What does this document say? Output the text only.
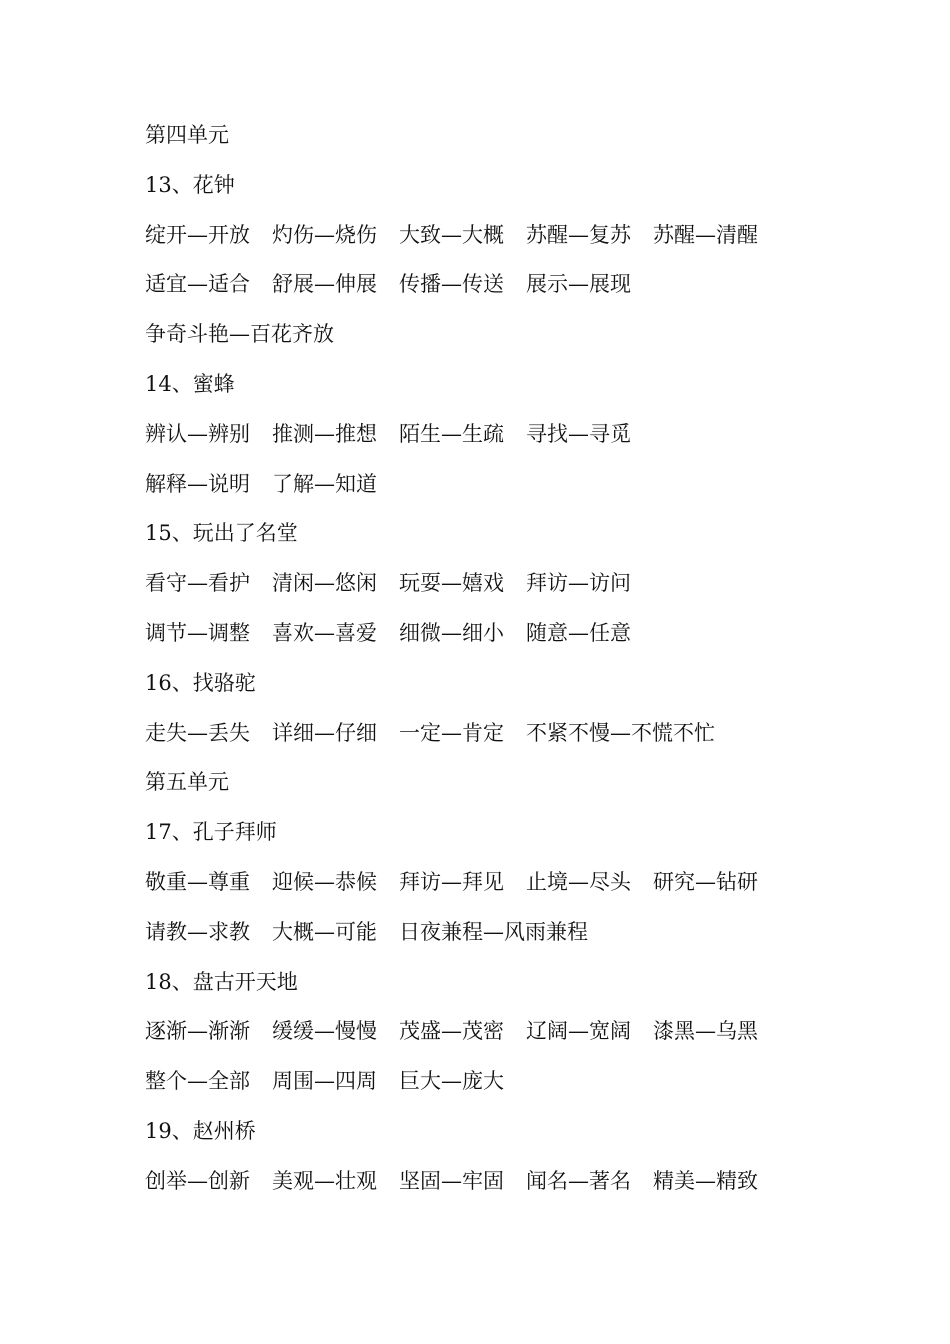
第四单元
13、花钟
绽开—开放 灼伤—烧伤 大致—大概 苏醒—复苏 苏醒—清醒
适宜—适合 舒展—伸展 传播—传送 展示—展现
争奇斗艳—百花齐放
14、蜜蜂
辨认—辨别 推测—推想 陌生—生疏 寻找—寻觅
解释—说明 了解—知道
15、玩出了名堂
看守—看护 清闲—悠闲 玩耍—嬉戏 拜访—访问
调节—调整 喜欢—喜爱 细微—细小 随意—任意
16、找骆驼
走失—丢失 详细—仔细 一定—肯定 不紧不慢—不慌不忙
第五单元
17、孔子拜师
敬重—尊重 迎候—恭候 拜访—拜见 止境—尽头 研究—钻研
请教—求教 大概—可能 日夜兼程—风雨兼程
18、盘古开天地
逐渐—渐渐 缓缓—慢慢 茂盛—茂密 辽阔—宽阔 漆黑—乌黑
整个—全部 周围—四周 巨大—庞大
19、赵州桥
创举—创新 美观—壮观 坚固—牢固 闻名—著名 精美—精致
